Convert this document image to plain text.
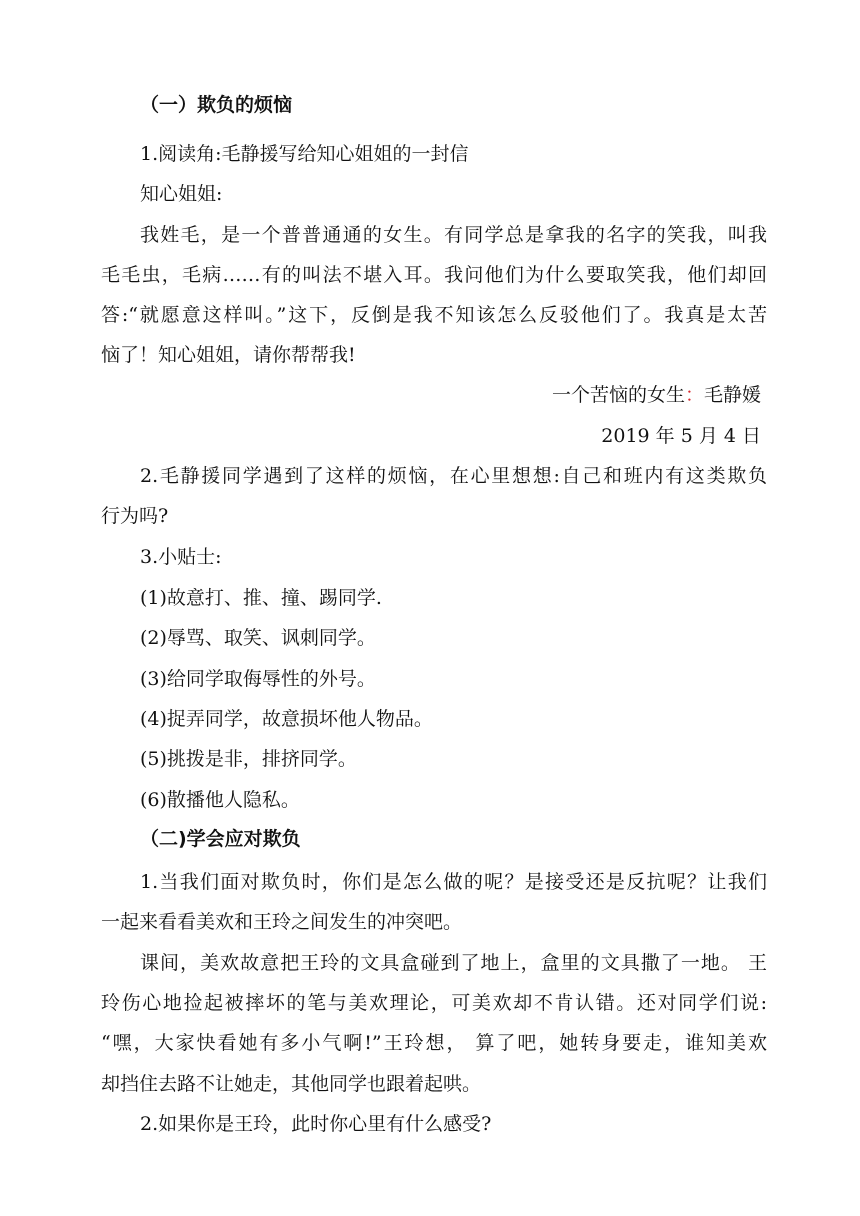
（一）欺负的烦恼
1.阅读角:毛静援写给知心姐姐的一封信
知心姐姐:
我姓毛，是一个普普通通的女生。有同学总是拿我的名字的笑我，叫我
毛毛虫，毛病……有的叫法不堪入耳。我问他们为什么要取笑我，他们却回
答:“就愿意这样叫。”这下，反倒是我不知该怎么反驳他们了。我真是太苦
恼了！知心姐姐，请你帮帮我!
一个苦恼的女生：毛静媛
2019 年 5 月 4 日
2.毛静援同学遇到了这样的烦恼，在心里想想:自己和班内有这类欺负
行为吗?
3.小贴士:
(1)故意打、推、撞、踢同学.
(2)辱骂、取笑、讽刺同学。
(3)给同学取侮辱性的外号。
(4)捉弄同学，故意损坏他人物品。
(5)挑拨是非，排挤同学。
(6)散播他人隐私。
（二)学会应对欺负
1.当我们面对欺负时，你们是怎么做的呢？是接受还是反抗呢？让我们
一起来看看美欢和王玲之间发生的冲突吧。
课间，美欢故意把王玲的文具盒碰到了地上，盒里的文具撒了一地。 王
玲伤心地捡起被摔坏的笔与美欢理论，可美欢却不肯认错。还对同学们说:
“嘿，大家快看她有多小气啊!”王玲想， 算了吧，她转身要走，谁知美欢
却挡住去路不让她走，其他同学也跟着起哄。
2.如果你是王玲，此时你心里有什么感受?
